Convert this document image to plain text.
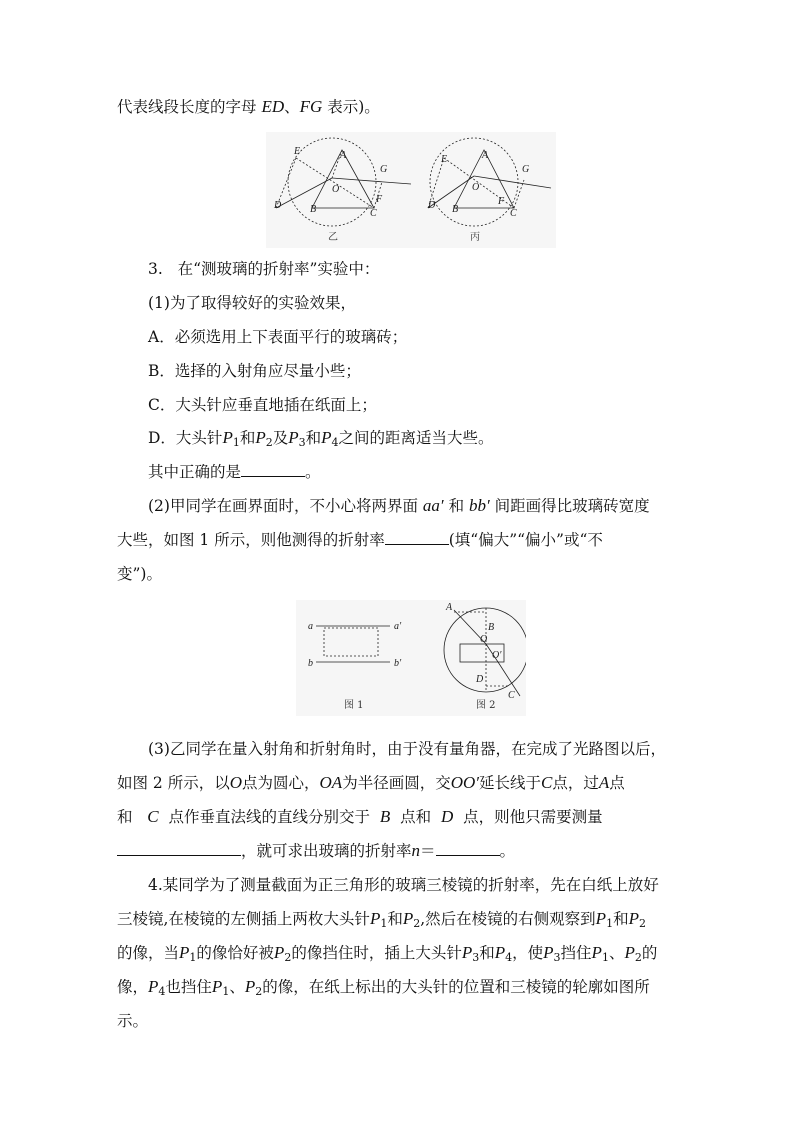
代表线段长度的字母 ED、FG 表示)。
E	A
G
O
F
D	B	C
E	A
G
O
F
D B	C
乙	丙
3. 在“测玻璃的折射率”实验中：
(1)为了取得较好的实验效果，
A．必须选用上下表面平行的玻璃砖；
B．选择的入射角应尽量小些；
C．大头针应垂直地插在纸面上；
D．大头针$P_1$和$P_2$及$P_3$和$P_4$之间的距离适当大些。
其中正确的是	。
(2)甲同学在画界面时，不小心将两界面 aa′ 和 bb′ 间距画得比玻璃砖宽度
大些，如图 1 所示，则他测得的折射率	(填“偏大”“偏小”或“不
变”)。
a	a′
b	b′
图 1
A
B
O
O′
D
C
图 2
(3)乙同学在量入射角和折射角时，由于没有量角器，在完成了光路图以后，
如图 2 所示，以O点为圆心，OA为半径画圆，交OO′延长线于C点，过A点
和 C 点作垂直法线的直线分别交于 B 点和 D 点，则他只需要测量
，就可求出玻璃的折射率n＝	。
4.某同学为了测量截面为正三角形的玻璃三棱镜的折射率，先在白纸上放好
三棱镜,在棱镜的左侧插上两枚大头针$P_1$和$P_2$,然后在棱镜的右侧观察到$P_1$和$P_2$
的像，当$P_1$的像恰好被$P_2$的像挡住时，插上大头针$P_3$和$P_4$，使$P_3$挡住$P_1$、$P_2$的
像，$P_4$也挡住$P_1$、$P_2$的像，在纸上标出的大头针的位置和三棱镜的轮廓如图所
示。
